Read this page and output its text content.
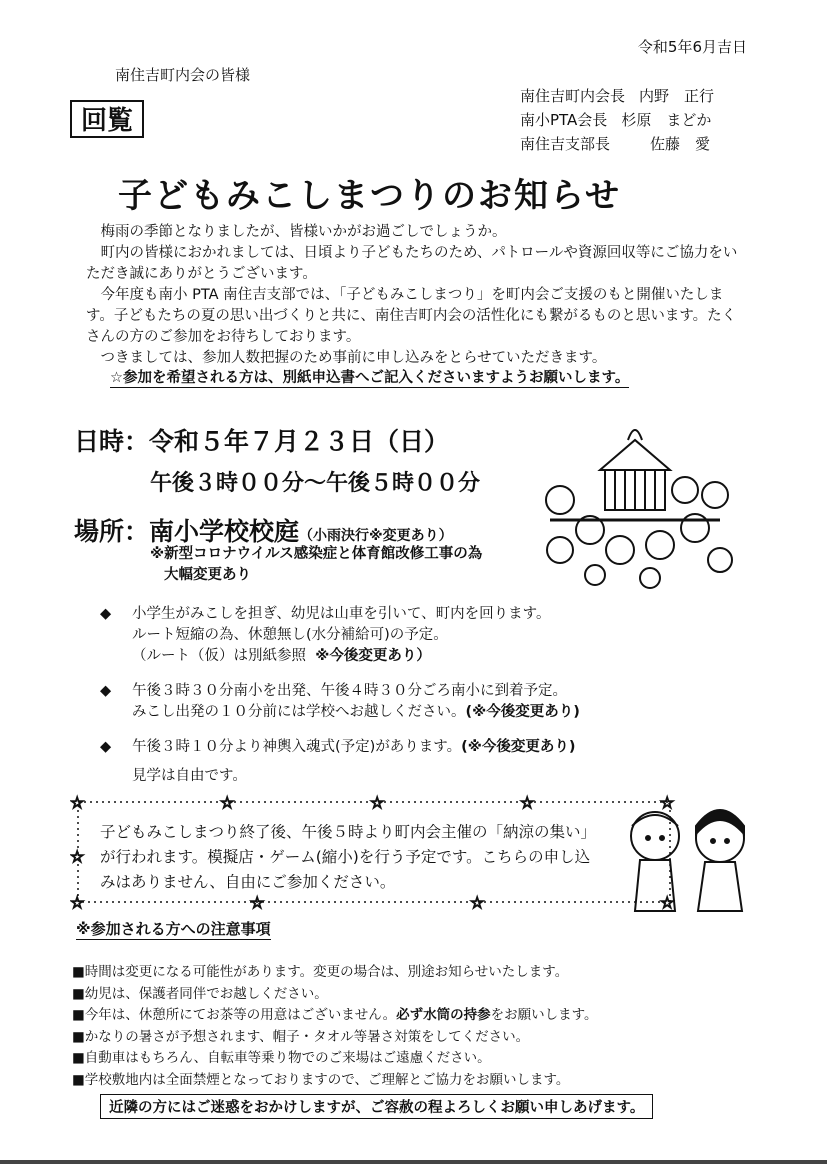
令和5年6月吉日
南住吉町内会の皆様
回覧
南住吉町内会長 内野　正行
南小PTA会長 杉原　まどか
南住吉支部長	佐藤　愛
子どもみこしまつりのお知らせ

梅雨の季節となりましたが、皆様いかがお過ごしでしょうか。

町内の皆様におかれましては、日頃より子どもたちのため、パトロールや資源回収等にご協力をいただき誠にありがとうございます。

今年度も南小 PTA 南住吉支部では、「子どもみこしまつり」を町内会ご支援のもと開催いたします。子どもたちの夏の思い出づくりと共に、南住吉町内会の活性化にも繋がるものと思います。たくさんの方のご参加をお待ちしております。

つきましては、参加人数把握のため事前に申し込みをとらせていただきます。

☆参加を希望される方は、別紙申込書へご記入くださいますようお願いします。
日時：令和５年７月２３日（日）
午後３時００分～午後５時００分
場所：南小学校校庭（小雨決行※変更あり）
※新型コロナウイルス感染症と体育館改修工事の為
大幅変更あり
◆ 小学生がみこしを担ぎ、幼児は山車を引いて、町内を回ります。
ルート短縮の為、休憩無し(水分補給可)の予定。
（ルート（仮）は別紙参照 ※今後変更あり）
◆ 午後３時３０分南小を出発、午後４時３０分ごろ南小に到着予定。
みこし出発の１０分前には学校へお越しください。(※今後変更あり)
◆ 午後３時１０分より神輿入魂式(予定)があります。(※今後変更あり)
見学は自由です。
☆	☆	☆	☆	☆
☆
☆	☆	☆	☆
子どもみこしまつり終了後、午後５時より町内会主催の「納涼の集い」が行われます。模擬店・ゲーム(縮小)を行う予定です。こちらの申し込みはありません、自由にご参加ください。
※参加される方への注意事項
■時間は変更になる可能性があります。変更の場合は、別途お知らせいたします。
■幼児は、保護者同伴でお越しください。
■今年は、休憩所にてお茶等の用意はございません。必ず水筒の持参をお願いします。
■かなりの暑さが予想されます、帽子・タオル等暑さ対策をしてください。
■自動車はもちろん、自転車等乗り物でのご来場はご遠慮ください。
■学校敷地内は全面禁煙となっておりますので、ご理解とご協力をお願いします。
近隣の方にはご迷惑をおかけしますが、ご容赦の程よろしくお願い申しあげます。
